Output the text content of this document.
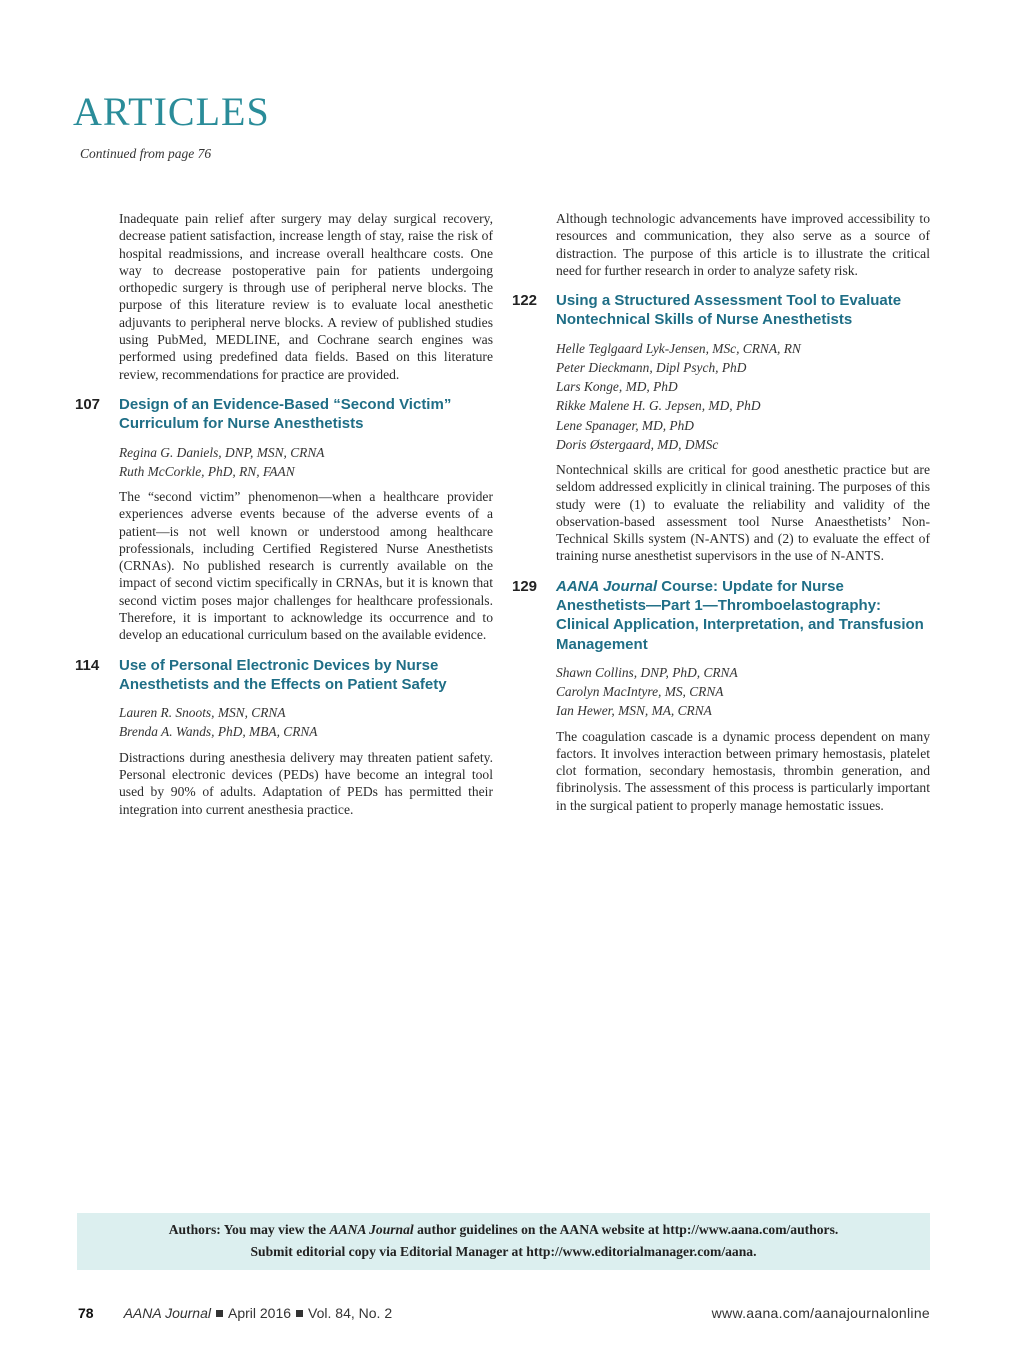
ARTICLES
Continued from page 76

Inadequate pain relief after surgery may delay surgical recovery, decrease patient satisfaction, increase length of stay, raise the risk of hospital readmissions, and increase overall healthcare costs. One way to decrease postoperative pain for patients undergoing orthopedic surgery is through use of peripheral nerve blocks. The purpose of this literature review is to evaluate local anesthetic adjuvants to peripheral nerve blocks. A review of published studies using PubMed, MEDLINE, and Cochrane search engines was performed using predefined data fields. Based on this literature review, recommendations for practice are provided.

107 Design of an Evidence-Based “Second Victim” Curriculum for Nurse Anesthetists
Regina G. Daniels, DNP, MSN, CRNA
Ruth McCorkle, PhD, RN, FAAN

The “second victim” phenomenon—when a healthcare provider experiences adverse events because of the adverse events of a patient—is not well known or understood among healthcare professionals, including Certified Registered Nurse Anesthetists (CRNAs). No published research is currently available on the impact of second victim specifically in CRNAs, but it is known that second victim poses major challenges for healthcare professionals. Therefore, it is important to acknowledge its occurrence and to develop an educational curriculum based on the available evidence.

114 Use of Personal Electronic Devices by Nurse Anesthetists and the Effects on Patient Safety
Lauren R. Snoots, MSN, CRNA
Brenda A. Wands, PhD, MBA, CRNA

Distractions during anesthesia delivery may threaten patient safety. Personal electronic devices (PEDs) have become an integral tool used by 90% of adults. Adaptation of PEDs has permitted their integration into current anesthesia practice.

Although technologic advancements have improved accessibility to resources and communication, they also serve as a source of distraction. The purpose of this article is to illustrate the critical need for further research in order to analyze safety risk.

122 Using a Structured Assessment Tool to Evaluate Nontechnical Skills of Nurse Anesthetists
Helle Teglgaard Lyk-Jensen, MSc, CRNA, RN
Peter Dieckmann, Dipl Psych, PhD
Lars Konge, MD, PhD
Rikke Malene H. G. Jepsen, MD, PhD
Lene Spanager, MD, PhD
Doris Østergaard, MD, DMSc

Nontechnical skills are critical for good anesthetic practice but are seldom addressed explicitly in clinical training. The purposes of this study were (1) to evaluate the reliability and validity of the observation-based assessment tool Nurse Anaesthetists’ Non-Technical Skills system (N-ANTS) and (2) to evaluate the effect of training nurse anesthetist supervisors in the use of N-ANTS.

129 AANA Journal Course: Update for Nurse Anesthetists—Part 1—Thromboelastography: Clinical Application, Interpretation, and Transfusion Management
Shawn Collins, DNP, PhD, CRNA
Carolyn MacIntyre, MS, CRNA
Ian Hewer, MSN, MA, CRNA

The coagulation cascade is a dynamic process dependent on many factors. It involves interaction between primary hemostasis, platelet clot formation, secondary hemostasis, thrombin generation, and fibrinolysis. The assessment of this process is particularly important in the surgical patient to properly manage hemostatic issues.

Authors: You may view the AANA Journal author guidelines on the AANA website at http://www.aana.com/authors.
Submit editorial copy via Editorial Manager at http://www.editorialmanager.com/aana.
78 AANA Journal April 2016 Vol. 84, No. 2	www.aana.com/aanajournalonline
